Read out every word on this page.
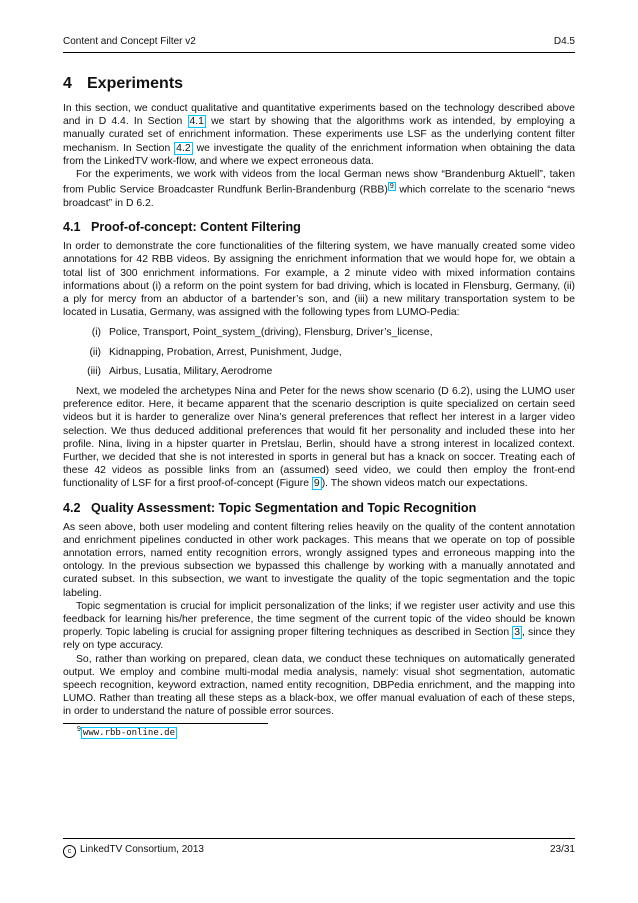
Content and Concept Filter v2	D4.5
4 Experiments

In this section, we conduct qualitative and quantitative experiments based on the technology described above and in D 4.4. In Section 4.1 we start by showing that the algorithms work as intended, by employing a manually curated set of enrichment information. These experiments use LSF as the underlying content filter mechanism. In Section 4.2 we investigate the quality of the enrichment information when obtaining the data from the LinkedTV work-flow, and where we expect erroneous data.

For the experiments, we work with videos from the local German news show “Brandenburg Aktuell”, taken from Public Service Broadcaster Rundfunk Berlin-Brandenburg (RBB) $^9$ which correlate to the scenario “news broadcast” in D 6.2.

4.1 Proof-of-concept: Content Filtering

In order to demonstrate the core functionalities of the filtering system, we have manually created some video annotations for 42 RBB videos. By assigning the enrichment information that we would hope for, we obtain a total list of 300 enrichment informations. For example, a 2 minute video with mixed information contains informations about (i) a reform on the point system for bad driving, which is located in Flensburg, Germany, (ii) a ply for mercy from an abductor of a bartender’s son, and (iii) a new military transportation system to be located in Lusatia, Germany, was assigned with the following types from LUMO-Pedia:

(i) Police, Transport, Point_system_(driving), Flensburg, Driver’s_license,
(ii) Kidnapping, Probation, Arrest, Punishment, Judge,
(iii) Airbus, Lusatia, Military, Aerodrome

Next, we modeled the archetypes Nina and Peter for the news show scenario (D 6.2), using the LUMO user preference editor. Here, it became apparent that the scenario description is quite specialized on certain seed videos but it is harder to generalize over Nina’s general preferences that reflect her interest in a larger video selection. We thus deduced additional preferences that would fit her personality and included these into her profile. Nina, living in a hipster quarter in Pretslau, Berlin, should have a strong interest in localized context. Further, we decided that she is not interested in sports in general but has a knack on soccer. Treating each of these 42 videos as possible links from an (assumed) seed video, we could then employ the front-end functionality of LSF for a first proof-of-concept (Figure 9 ). The shown videos match our expectations.

4.2 Quality Assessment: Topic Segmentation and Topic Recognition

As seen above, both user modeling and content filtering relies heavily on the quality of the content annotation and enrichment pipelines conducted in other work packages. This means that we operate on top of possible annotation errors, named entity recognition errors, wrongly assigned types and erroneous mapping into the ontology. In the previous subsection we bypassed this challenge by working with a manually annotated and curated subset. In this subsection, we want to investigate the quality of the topic segmentation and the topic labeling.

Topic segmentation is crucial for implicit personalization of the links; if we register user activity and use this feedback for learning his/her preference, the time segment of the current topic of the video should be known properly. Topic labeling is crucial for assigning proper filtering techniques as described in Section 3 , since they rely on type accuracy.

So, rather than working on prepared, clean data, we conduct these techniques on automatically generated output. We employ and combine multi-modal media analysis, namely: visual shot segmentation, automatic speech recognition, keyword extraction, named entity recognition, DBPedia enrichment, and the mapping into LUMO. Rather than treating all these steps as a black-box, we offer manual evaluation of each of these steps, in order to understand the nature of possible error sources.

$^9$ www.rbb-online.de
c LinkedTV Consortium, 2013	23/31
